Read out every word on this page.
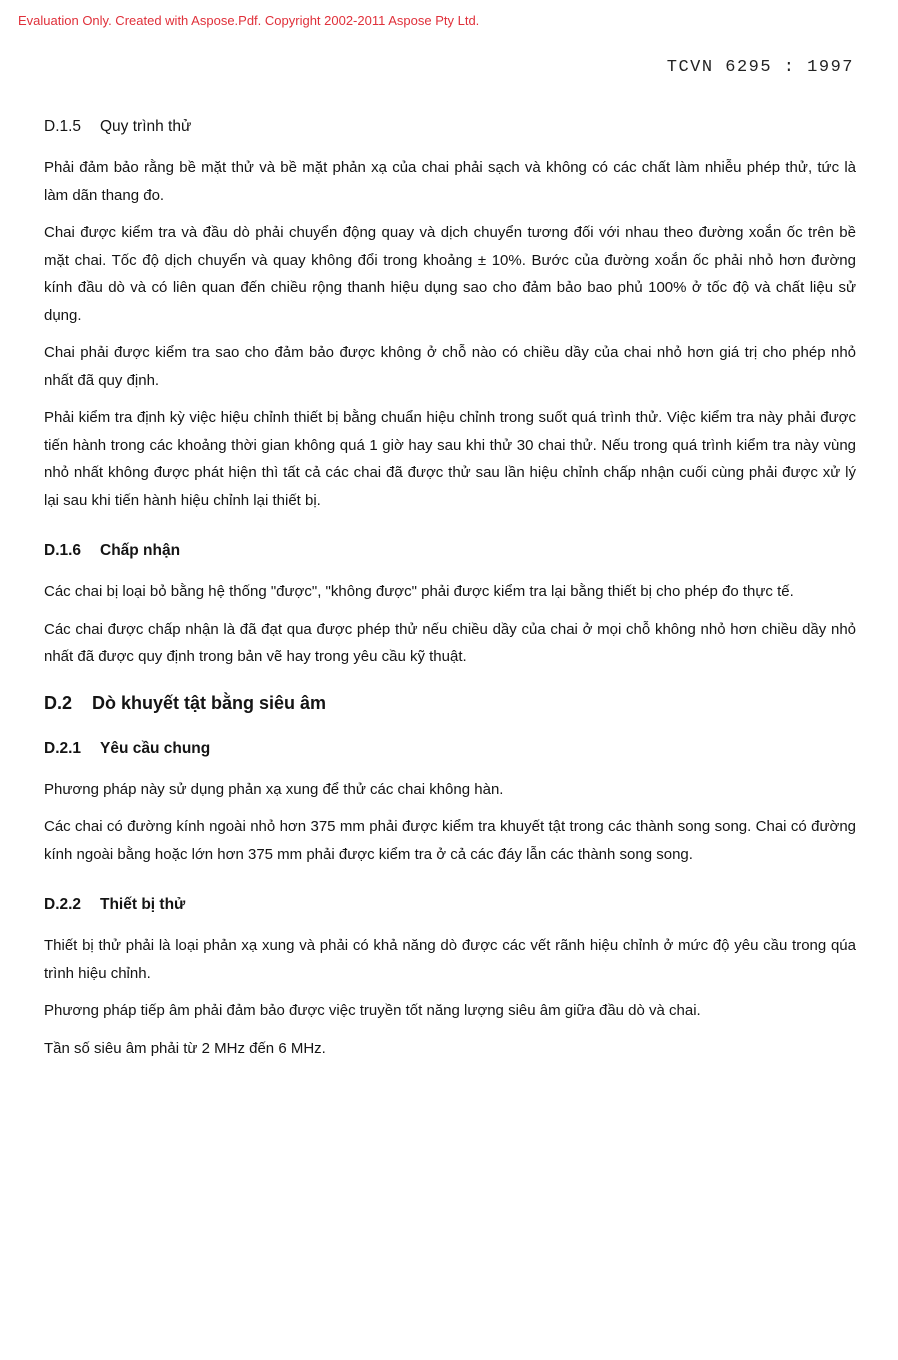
Evaluation Only. Created with Aspose.Pdf. Copyright 2002-2011 Aspose Pty Ltd.
TCVN 6295 : 1997
D.1.5 Quy trình thử

Phải đảm bảo rằng bề mặt thử và bề mặt phản xạ của chai phải sạch và không có các chất làm nhiễu phép thử, tức là làm dãn thang đo.

Chai được kiểm tra và đầu dò phải chuyển động quay và dịch chuyển tương đối với nhau theo đường xoắn ốc trên bề mặt chai. Tốc độ dịch chuyển và quay không đổi trong khoảng ± 10%. Bước của đường xoắn ốc phải nhỏ hơn đường kính đầu dò và có liên quan đến chiều rộng thanh hiệu dụng sao cho đảm bảo bao phủ 100% ở tốc độ và chất liệu sử dụng.

Chai phải được kiểm tra sao cho đảm bảo được không ở chỗ nào có chiều dầy của chai nhỏ hơn giá trị cho phép nhỏ nhất đã quy định.

Phải kiểm tra định kỳ việc hiệu chỉnh thiết bị bằng chuẩn hiệu chỉnh trong suốt quá trình thử. Việc kiểm tra này phải được tiến hành trong các khoảng thời gian không quá 1 giờ hay sau khi thử 30 chai thử. Nếu trong quá trình kiểm tra này vùng nhỏ nhất không được phát hiện thì tất cả các chai đã được thử sau lần hiệu chỉnh chấp nhận cuối cùng phải được xử lý lại sau khi tiến hành hiệu chỉnh lại thiết bị.

D.1.6 Chấp nhận

Các chai bị loại bỏ bằng hệ thống "được", "không được" phải được kiểm tra lại bằng thiết bị cho phép đo thực tế.

Các chai được chấp nhận là đã đạt qua được phép thử nếu chiều dầy của chai ở mọi chỗ không nhỏ hơn chiều dầy nhỏ nhất đã được quy định trong bản vẽ hay trong yêu cầu kỹ thuật.

D.2 Dò khuyết tật bằng siêu âm
D.2.1 Yêu cầu chung

Phương pháp này sử dụng phản xạ xung để thử các chai không hàn.

Các chai có đường kính ngoài nhỏ hơn 375 mm phải được kiểm tra khuyết tật trong các thành song song. Chai có đường kính ngoài bằng hoặc lớn hơn 375 mm phải được kiểm tra ở cả các đáy lẫn các thành song song.

D.2.2 Thiết bị thử

Thiết bị thử phải là loại phản xạ xung và phải có khả năng dò được các vết rãnh hiệu chỉnh ở mức độ yêu cầu trong qúa trình hiệu chỉnh.

Phương pháp tiếp âm phải đảm bảo được việc truyền tốt năng lượng siêu âm giữa đầu dò và chai.

Tần số siêu âm phải từ 2 MHz đến 6 MHz.
